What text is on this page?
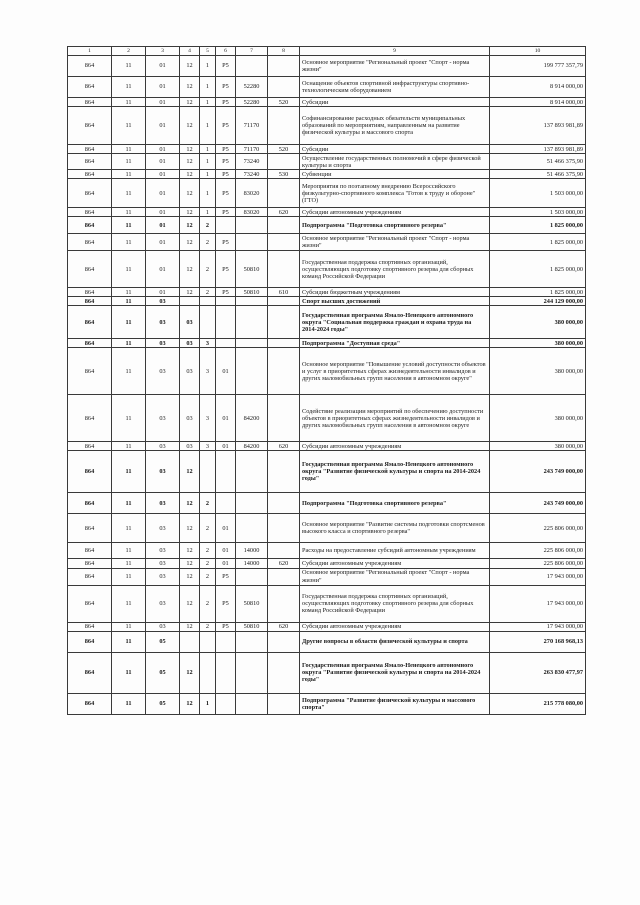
1	2	3	4	5	6	7	8	9	10
864	11	01	12	1	P5			Основное мероприятие "Региональный проект "Спорт - норма жизни"	199 777 357,79
864	11	01	12	1	P5	52280		Оснащение объектов спортивной инфраструктуры спортивно-технологическим оборудованием	8 914 000,00
864	11	01	12	1	P5	52280	520	Субсидии	8 914 000,00
864	11	01	12	1	P5	71170		Софинансирование расходных обязательств муниципальных образований по мероприятиям, направленным на развитие физической культуры и массового спорта	137 893 981,89
864	11	01	12	1	P5	71170	520	Субсидии	137 893 981,89
864	11	01	12	1	P5	73240		Осуществление государственных полномочий в сфере физической культуры и спорта	51 466 375,90
864	11	01	12	1	P5	73240	530	Субвенции	51 466 375,90
864	11	01	12	1	P5	83020		Мероприятия по поэтапному внедрению Всероссийского физкультурно-спортивного комплекса "Готов к труду и обороне" (ГТО)	1 503 000,00
864	11	01	12	1	P5	83020	620	Субсидии автономным учреждениям	1 503 000,00
864	11	01	12	2				Подпрограмма "Подготовка спортивного резерва"	1 825 000,00
864	11	01	12	2	P5			Основное мероприятие "Региональный проект "Спорт - норма жизни"	1 825 000,00
864	11	01	12	2	P5	50810		Государственная поддержка спортивных организаций, осуществляющих подготовку спортивного резерва для сборных команд Российской Федерации	1 825 000,00
864	11	01	12	2	P5	50810	610	Субсидии бюджетным учреждениям	1 825 000,00
864	11	03						Спорт высших достижений	244 129 000,00
864	11	03	03					Государственная программа Ямало-Ненецкого автономного округа "Социальная поддержка граждан и охрана труда на 2014-2024 годы"	380 000,00
864	11	03	03	3				Подпрограмма "Доступная среда"	380 000,00
864	11	03	03	3	01			Основное мероприятие "Повышение условий доступности объектов и услуг в приоритетных сферах жизнедеятельности инвалидов и других маломобильных групп населения в автономном округе"	380 000,00
864	11	03	03	3	01	84200		Содействие реализации мероприятий по обеспечению доступности объектов в приоритетных сферах жизнедеятельности инвалидов и других маломобильных групп населения в автономном округе	380 000,00
864	11	03	03	3	01	84200	620	Субсидии автономным учреждениям	380 000,00
864	11	03	12					Государственная программа Ямало-Ненецкого автономного округа "Развитие физической культуры и спорта на 2014-2024 годы"	243 749 000,00
864	11	03	12	2				Подпрограмма "Подготовка спортивного резерва"	243 749 000,00
864	11	03	12	2	01			Основное мероприятие "Развитие системы подготовки спортсменов высокого класса и спортивного резерва"	225 806 000,00
864	11	03	12	2	01	14000		Расходы на предоставление субсидий автономным учреждениям	225 806 000,00
864	11	03	12	2	01	14000	620	Субсидии автономным учреждениям	225 806 000,00
864	11	03	12	2	P5			Основное мероприятие "Региональный проект "Спорт - норма жизни"	17 943 000,00
864	11	03	12	2	P5	50810		Государственная поддержка спортивных организаций, осуществляющих подготовку спортивного резерва для сборных команд Российской Федерации	17 943 000,00
864	11	03	12	2	P5	50810	620	Субсидии автономным учреждениям	17 943 000,00
864	11	05						Другие вопросы в области физической культуры и спорта	270 168 968,13
864	11	05	12					Государственная программа Ямало-Ненецкого автономного округа "Развитие физической культуры и спорта на 2014-2024 годы"	263 830 477,97
864	11	05	12	1				Подпрограмма "Развитие физической культуры и массового спорта"	215 778 080,00
